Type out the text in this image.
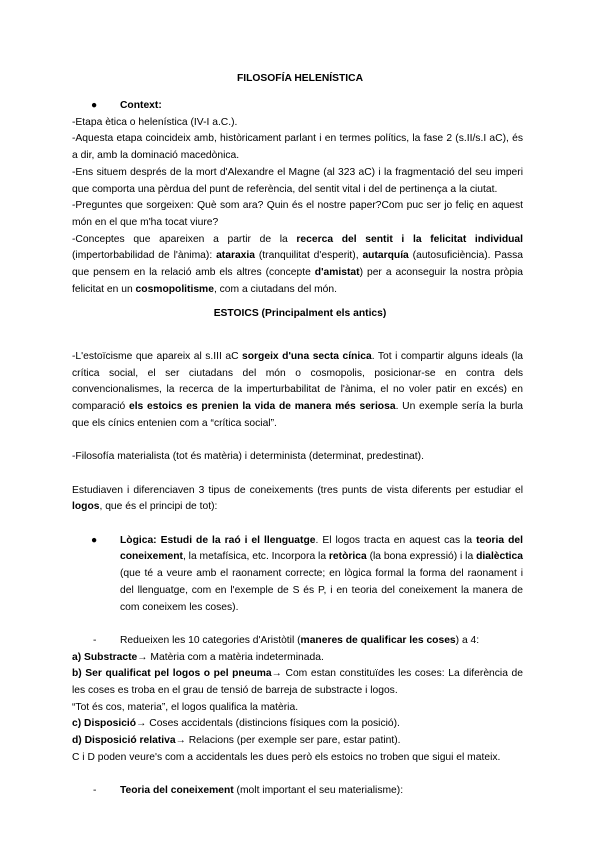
FILOSOFÍA HELENÍSTICA

● Context:

-Etapa ètica o helenística (IV-I a.C.).

-Aquesta etapa coincideix amb, històricament parlant i en termes polítics, la fase 2 (s.II/s.I aC), és a dir, amb la dominació macedònica.

-Ens situem després de la mort d'Alexandre el Magne (al 323 aC) i la fragmentació del seu imperi que comporta una pèrdua del punt de referència, del sentit vital i del de pertinença a la ciutat.

-Preguntes que sorgeixen: Què som ara? Quin és el nostre paper?Com puc ser jo feliç en aquest món en el que m'ha tocat viure?

-Conceptes que apareixen a partir de la recerca del sentit i la felicitat individual (impertorbabilidad de l'ànima): ataraxia (tranquilitat d'esperit), autarquía (autosuficiència). Passa que pensem en la relació amb els altres (concepte d'amistat) per a aconseguir la nostra pròpia felicitat en un cosmopolitisme, com a ciutadans del món.

ESTOICS (Principalment els antics)

-L'estoïcisme que apareix al s.III aC sorgeix d'una secta cínica. Tot i compartir alguns ideals (la crítica social, el ser ciutadans del món o cosmopolis, posicionar-se en contra dels convencionalismes, la recerca de la imperturbabilitat de l'ànima, el no voler patir en excés) en comparació els estoics es prenien la vida de manera més seriosa. Un exemple sería la burla que els cínics entenien com a “crítica social”.

-Filosofía materialista (tot és matèria) i determinista (determinat, predestinat).

Estudiaven i diferenciaven 3 tipus de coneixements (tres punts de vista diferents per estudiar el logos, que és el principi de tot):

● Lògica: Estudi de la raó i el llenguatge. El logos tracta en aquest cas la teoria del coneixement, la metafísica, etc. Incorpora la retòrica (la bona expressió) i la dialèctica (que té a veure amb el raonament correcte; en lògica formal la forma del raonament i del llenguatge, com en l'exemple de S és P, i en teoria del coneixement la manera de com coneixem les coses).

- Redueixen les 10 categories d'Aristòtil (maneres de qualificar les coses) a 4:

a) Substracte→ Matèria com a matèria indeterminada.

b) Ser qualificat pel logos o pel pneuma→ Com estan constituïdes les coses: La diferència de les coses es troba en el grau de tensió de barreja de substracte i logos.

“Tot és cos, materia”, el logos qualifica la matèria.

c) Disposició→ Coses accidentals (distincions físiques com la posició).

d) Disposició relativa→ Relacions (per exemple ser pare, estar patint).

C i D poden veure's com a accidentals les dues però els estoics no troben que sigui el mateix.

- Teoria del coneixement (molt important el seu materialisme):
